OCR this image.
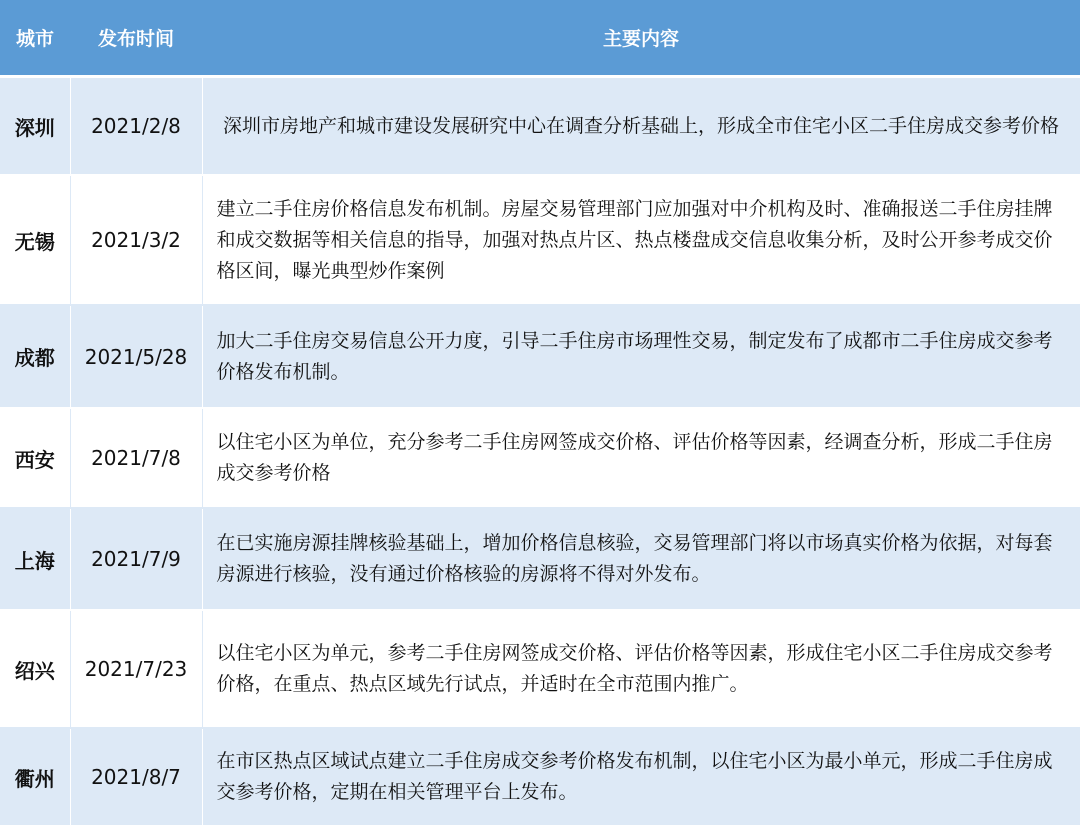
城市	发布时间	主要内容
深圳	2021/2/8	深圳市房地产和城市建设发展研究中心在调查分析基础上，形成全市住宅小区二手住房成交参考价格
无锡	2021/3/2	建立二手住房价格信息发布机制。房屋交易管理部门应加强对中介机构及时、准确报送二手住房挂牌和成交数据等相关信息的指导，加强对热点片区、热点楼盘成交信息收集分析，及时公开参考成交价格区间，曝光典型炒作案例
成都	2021/5/28	加大二手住房交易信息公开力度，引导二手住房市场理性交易，制定发布了成都市二手住房成交参考价格发布机制。
西安	2021/7/8	以住宅小区为单位，充分参考二手住房网签成交价格、评估价格等因素，经调查分析，形成二手住房成交参考价格
上海	2021/7/9	在已实施房源挂牌核验基础上，增加价格信息核验，交易管理部门将以市场真实价格为依据，对每套房源进行核验，没有通过价格核验的房源将不得对外发布。
绍兴	2021/7/23	以住宅小区为单元，参考二手住房网签成交价格、评估价格等因素，形成住宅小区二手住房成交参考价格，在重点、热点区域先行试点，并适时在全市范围内推广。
衢州	2021/8/7	在市区热点区域试点建立二手住房成交参考价格发布机制，以住宅小区为最小单元，形成二手住房成交参考价格，定期在相关管理平台上发布。
